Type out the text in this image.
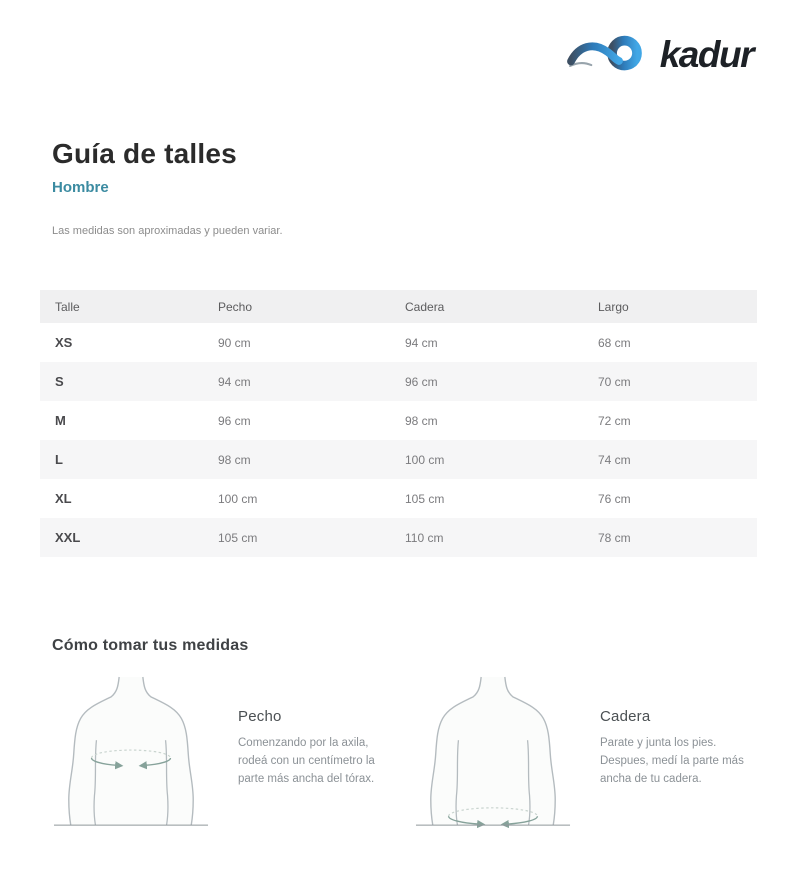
kadur
Guía de talles
Hombre

Las medidas son aproximadas y pueden variar.

Talle	Pecho	Cadera	Largo
XS	90 cm	94 cm	68 cm
S	94 cm	96 cm	70 cm
M	96 cm	98 cm	72 cm
L	98 cm	100 cm	74 cm
XL	100 cm	105 cm	76 cm
XXL	105 cm	110 cm	78 cm
Cómo tomar tus medidas
Pecho

Comenzando por la axila, rodeá con un centímetro la parte más ancha del tórax.

Cadera

Parate y junta los pies. Despues, medí la parte más ancha de tu cadera.
